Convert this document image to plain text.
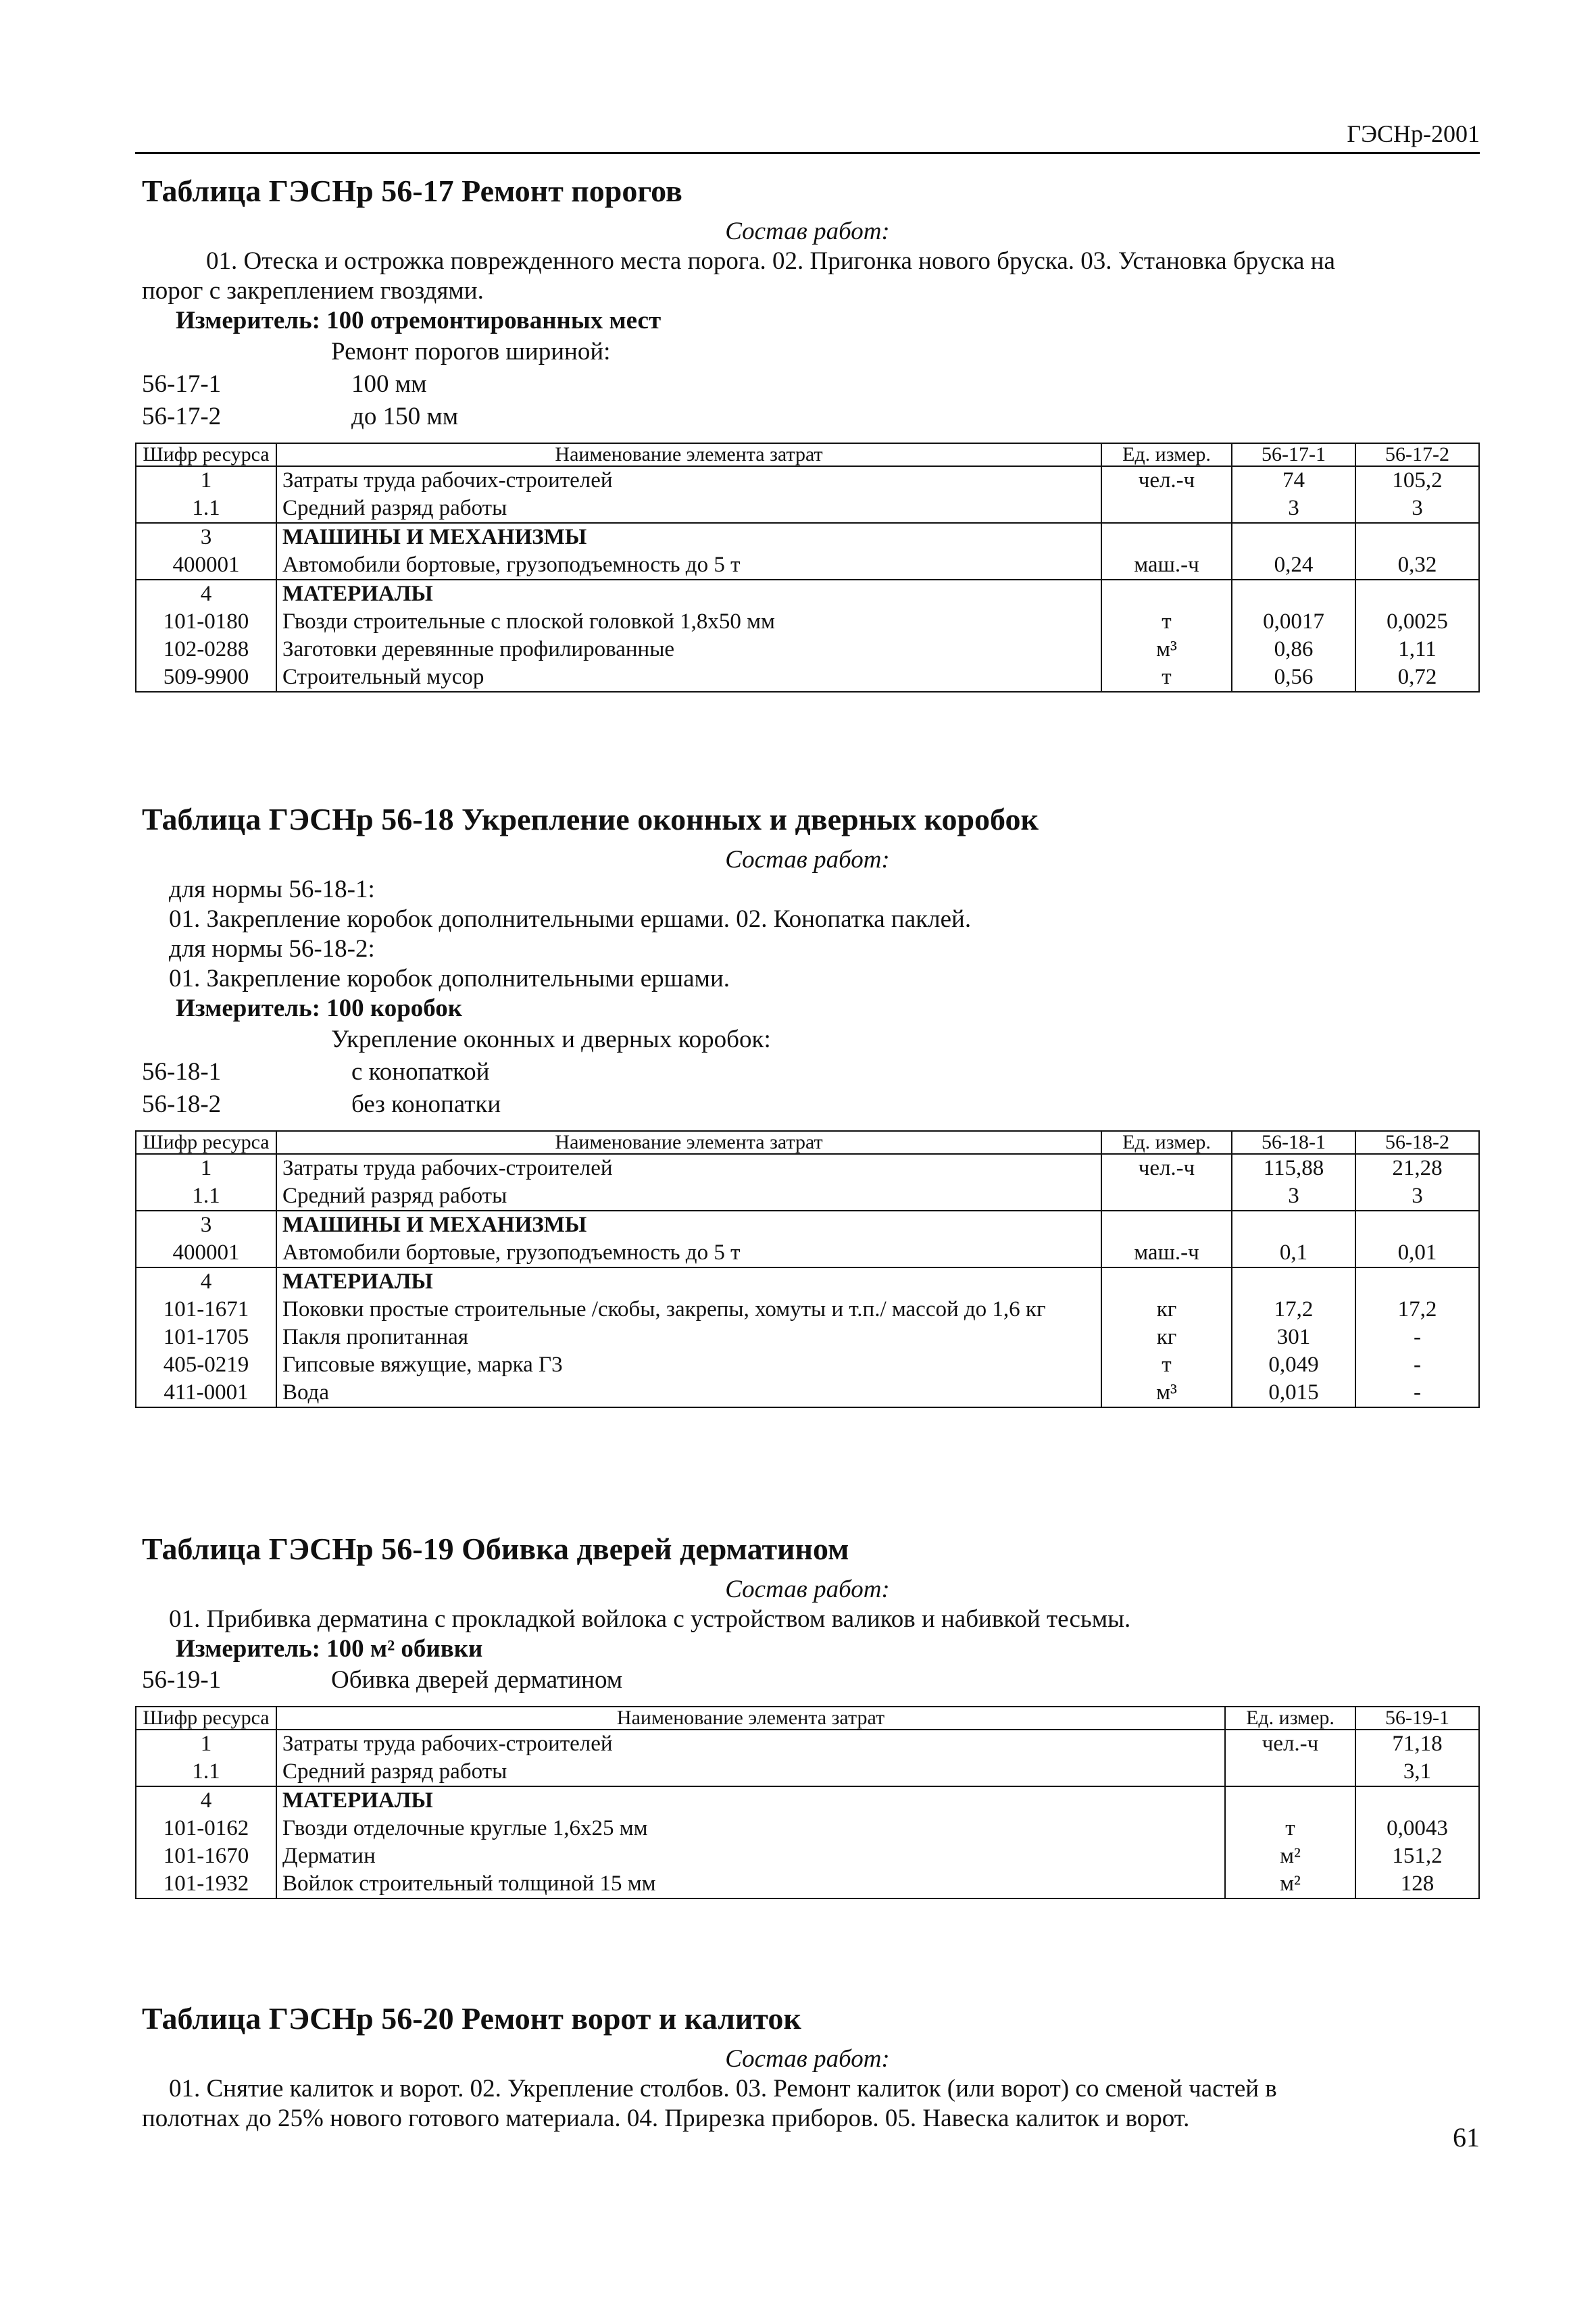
ГЭСНр-2001
Таблица ГЭСНр 56-17 Ремонт порогов
Состав работ:
01. Отеска и острожка поврежденного места порога. 02. Пригонка нового бруска. 03. Установка бруска на
порог с закреплением гвоздями.
Измеритель: 100 отремонтированных мест
Ремонт порогов шириной:
56-17-1	100 мм
56-17-2	до 150 мм
Шифр ресурса	Наименование элемента затрат	Ед. измер.	56-17-1	56-17-2
1	Затраты труда рабочих-строителей	чел.-ч	74	105,2
1.1	Средний разряд работы		3	3
3	МАШИНЫ И МЕХАНИЗМЫ			
400001	Автомобили бортовые, грузоподъемность до 5 т	маш.-ч	0,24	0,32
4	МАТЕРИАЛЫ			
101-0180	Гвозди строительные с плоской головкой 1,8х50 мм	т	0,0017	0,0025
102-0288	Заготовки деревянные профилированные	м³	0,86	1,11
509-9900	Строительный мусор	т	0,56	0,72
Таблица ГЭСНр 56-18 Укрепление оконных и дверных коробок
Состав работ:
для нормы 56-18-1:
01. Закрепление коробок дополнительными ершами. 02. Конопатка паклей.
для нормы 56-18-2:
01. Закрепление коробок дополнительными ершами.
Измеритель: 100 коробок
Укрепление оконных и дверных коробок:
56-18-1	с конопаткой
56-18-2	без конопатки
Шифр ресурса	Наименование элемента затрат	Ед. измер.	56-18-1	56-18-2
1	Затраты труда рабочих-строителей	чел.-ч	115,88	21,28
1.1	Средний разряд работы		3	3
3	МАШИНЫ И МЕХАНИЗМЫ			
400001	Автомобили бортовые, грузоподъемность до 5 т	маш.-ч	0,1	0,01
4	МАТЕРИАЛЫ			
101-1671	Поковки простые строительные /скобы, закрепы, хомуты и т.п./ массой до 1,6 кг	кг	17,2	17,2
101-1705	Пакля пропитанная	кг	301	-
405-0219	Гипсовые вяжущие, марка Г3	т	0,049	-
411-0001	Вода	м³	0,015	-
Таблица ГЭСНр 56-19 Обивка дверей дерматином
Состав работ:
01. Прибивка дерматина с прокладкой войлока с устройством валиков и набивкой тесьмы.
Измеритель: 100 м² обивки
56-19-1	Обивка дверей дерматином
Шифр ресурса	Наименование элемента затрат	Ед. измер.	56-19-1
1	Затраты труда рабочих-строителей	чел.-ч	71,18
1.1	Средний разряд работы		3,1
4	МАТЕРИАЛЫ		
101-0162	Гвозди отделочные круглые 1,6х25 мм	т	0,0043
101-1670	Дерматин	м²	151,2
101-1932	Войлок строительный толщиной 15 мм	м²	128
Таблица ГЭСНр 56-20 Ремонт ворот и калиток
Состав работ:
01. Снятие калиток и ворот. 02. Укрепление столбов. 03. Ремонт калиток (или ворот) со сменой частей в
полотнах до 25% нового готового материала. 04. Прирезка приборов. 05. Навеска калиток и ворот.
61
